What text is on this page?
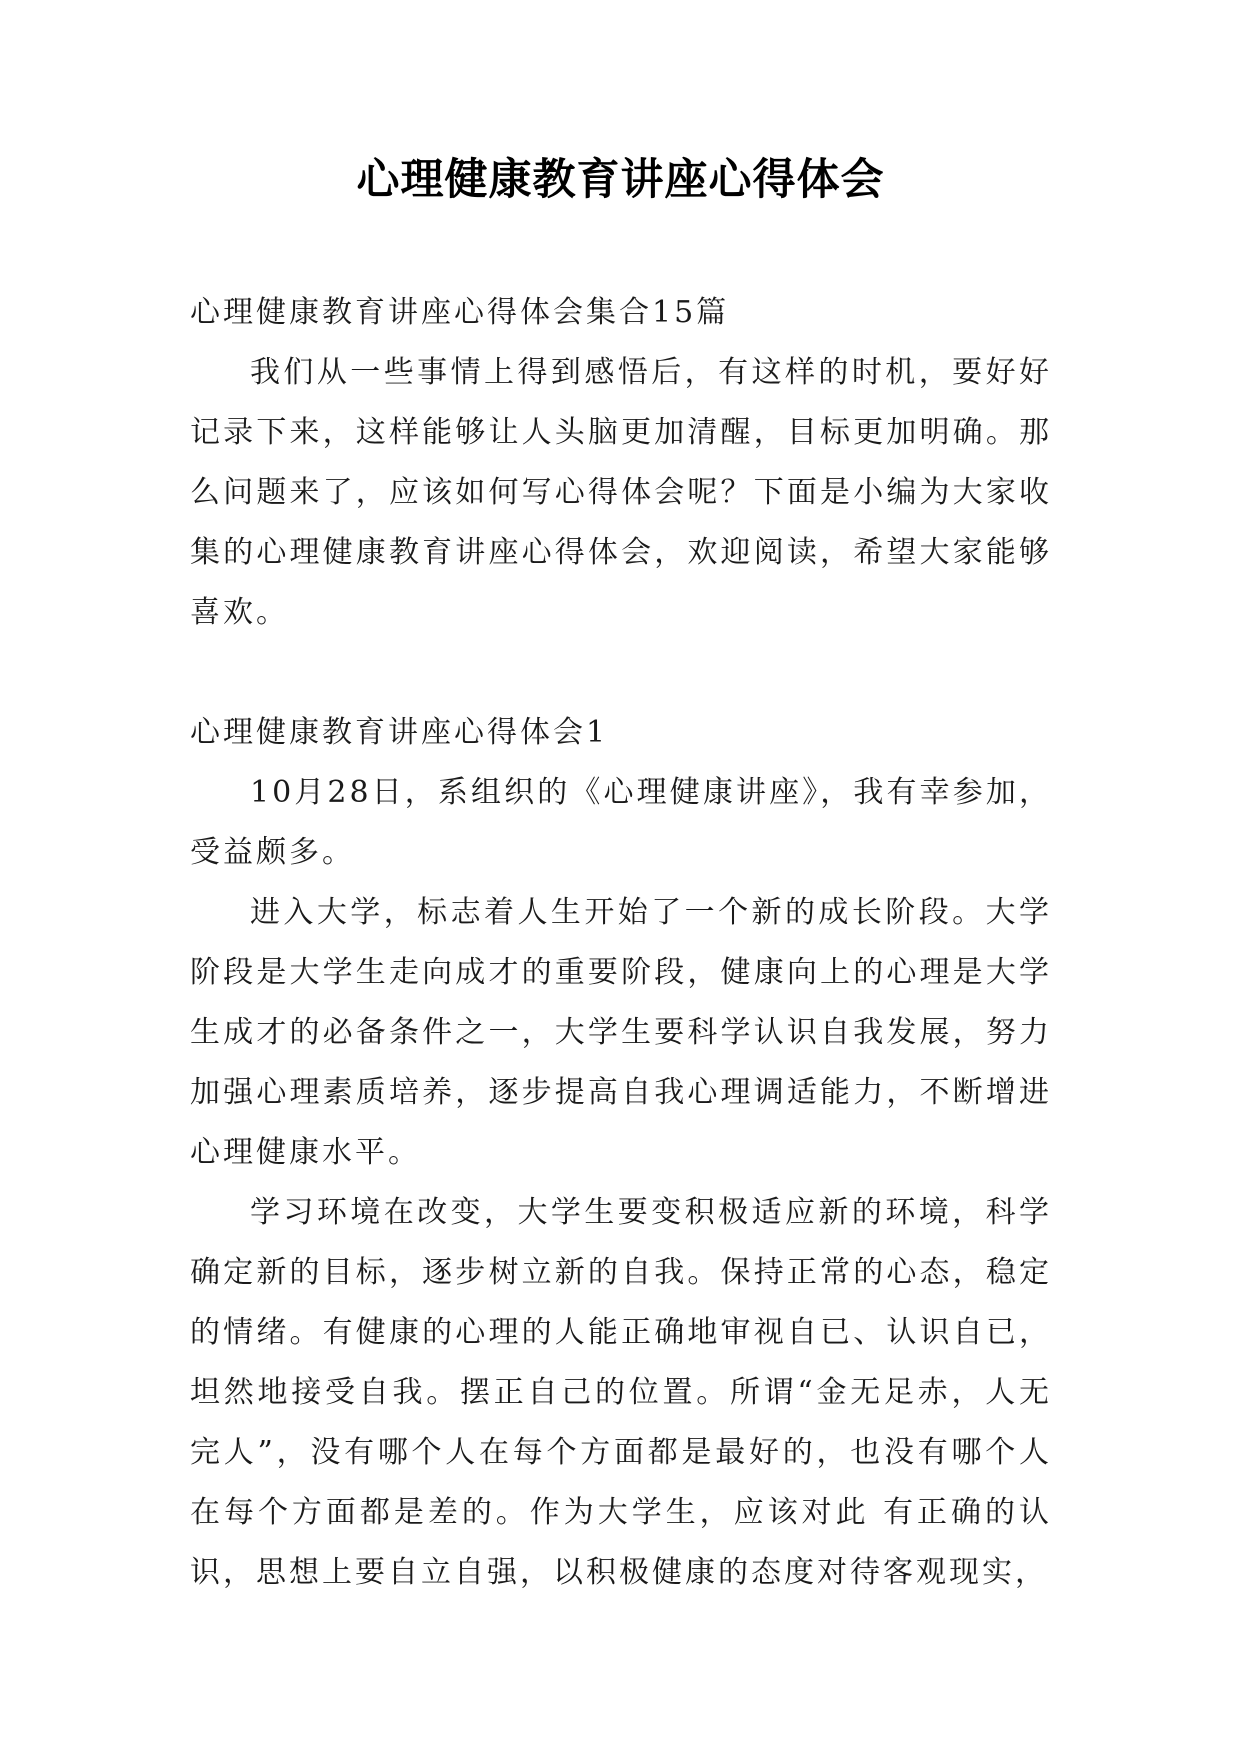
心理健康教育讲座心得体会

心理健康教育讲座心得体会集合15篇

我们从一些事情上得到感悟后，有这样的时机，要好好记录下来，这样能够让人头脑更加清醒，目标更加明确。那么问题来了，应该如何写心得体会呢？下面是小编为大家收集的心理健康教育讲座心得体会，欢迎阅读，希望大家能够喜欢。

心理健康教育讲座心得体会1

10月28日，系组织的《心理健康讲座》，我有幸参加，受益颇多。

进入大学，标志着人生开始了一个新的成长阶段。大学阶段是大学生走向成才的重要阶段，健康向上的心理是大学生成才的必备条件之一，大学生要科学认识自我发展，努力加强心理素质培养，逐步提高自我心理调适能力，不断增进心理健康水平。

学习环境在改变，大学生要变积极适应新的环境，科学确定新的目标，逐步树立新的自我。保持正常的心态，稳定的情绪。有健康的心理的人能正确地审视自已、认识自已，坦然地接受自我。摆正自己的位置。所谓“金无足赤，人无完人”，没有哪个人在每个方面都是最好的，也没有哪个人在每个方面都是差的。作为大学生，应该对此 有正确的认识，思想上要自立自强，以积极健康的态度对待客观现实，
